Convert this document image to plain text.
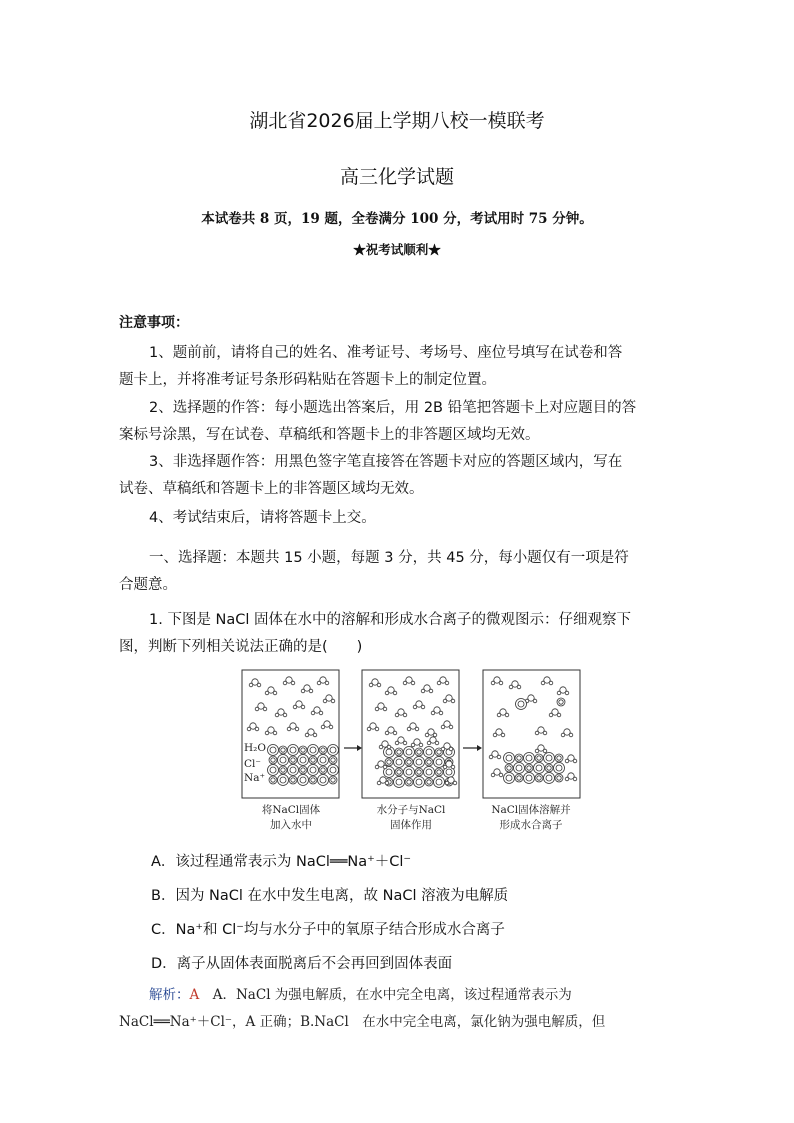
湖北省2026届上学期八校一模联考
高三化学试题
本试卷共 8 页，19 题，全卷满分 100 分，考试用时 75 分钟。
★祝考试顺利★
注意事项：
1、题前前，请将自己的姓名、准考证号、考场号、座位号填写在试卷和答
题卡上，并将准考证号条形码粘贴在答题卡上的制定位置。
2、选择题的作答：每小题选出答案后，用 2B 铅笔把答题卡上对应题目的答
案标号涂黑，写在试卷、草稿纸和答题卡上的非答题区域均无效。
3、非选择题作答：用黑色签字笔直接答在答题卡对应的答题区域内，写在
试卷、草稿纸和答题卡上的非答题区域均无效。
4、考试结束后，请将答题卡上交。
一、选择题：本题共 15 小题，每题 3 分，共 45 分，每小题仅有一项是符
合题意。
1. 下图是 NaCl 固体在水中的溶解和形成水合离子的微观图示：仔细观察下
图，判断下列相关说法正确的是(　　)
H₂O
Cl⁻
Na⁺
将NaCl固体
加入水中
水分子与NaCl
固体作用
NaCl固体溶解并
形成水合离子
A．该过程通常表示为 NaCl══Na⁺＋Cl⁻
B．因为 NaCl 在水中发生电离，故 NaCl 溶液为电解质
C．Na⁺和 Cl⁻均与水分子中的氧原子结合形成水合离子
D．离子从固体表面脱离后不会再回到固体表面
解析：A　A．NaCl 为强电解质，在水中完全电离，该过程通常表示为
NaCl══Na⁺＋Cl⁻，A 正确；B.NaCl　在水中完全电离，氯化钠为强电解质，但
